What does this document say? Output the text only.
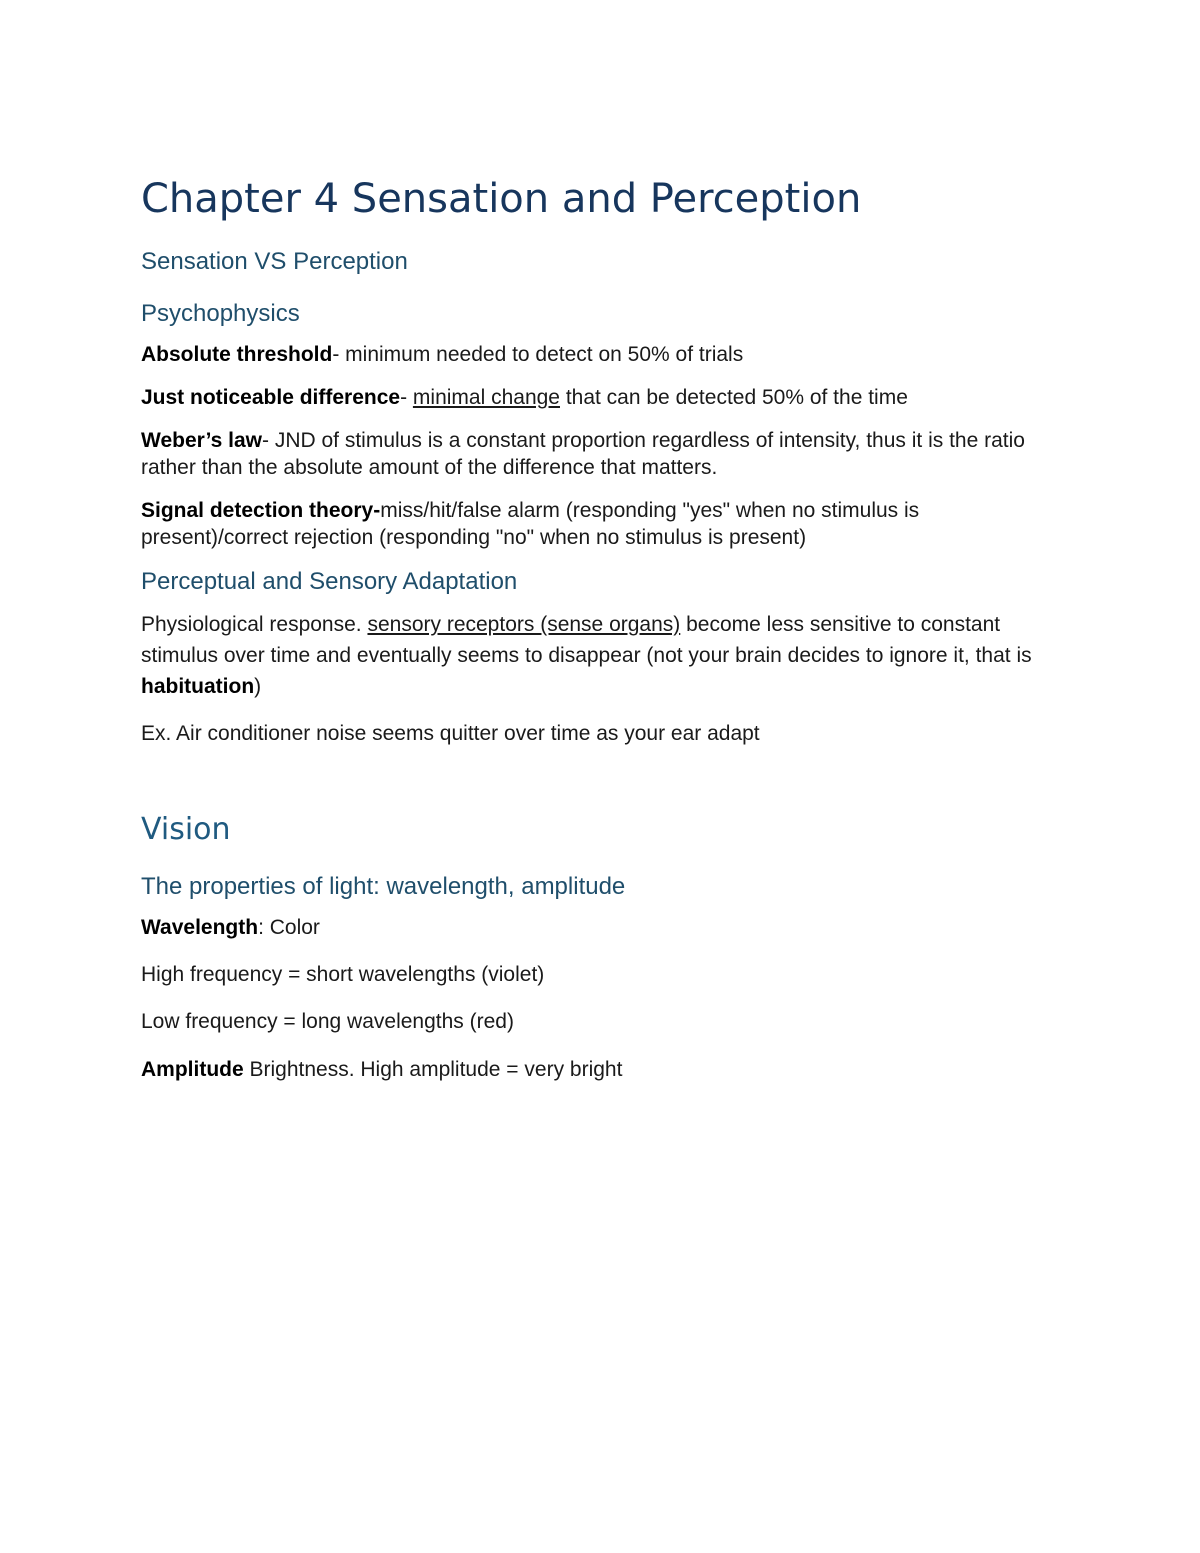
Chapter 4 Sensation and Perception
Sensation VS Perception
Psychophysics

Absolute threshold- minimum needed to detect on 50% of trials

Just noticeable difference- minimal change that can be detected 50% of the time

Weber’s law- JND of stimulus is a constant proportion regardless of intensity, thus it is the ratio rather than the absolute amount of the difference that matters.

Signal detection theory-miss/hit/false alarm (responding "yes" when no stimulus is present)/correct rejection (responding "no" when no stimulus is present)

Perceptual and Sensory Adaptation

Physiological response. sensory receptors (sense organs) become less sensitive to constant stimulus over time and eventually seems to disappear (not your brain decides to ignore it, that is habituation)

Ex. Air conditioner noise seems quitter over time as your ear adapt

Vision
The properties of light: wavelength, amplitude

Wavelength: Color

High frequency = short wavelengths (violet)

Low frequency = long wavelengths (red)

Amplitude Brightness. High amplitude = very bright
